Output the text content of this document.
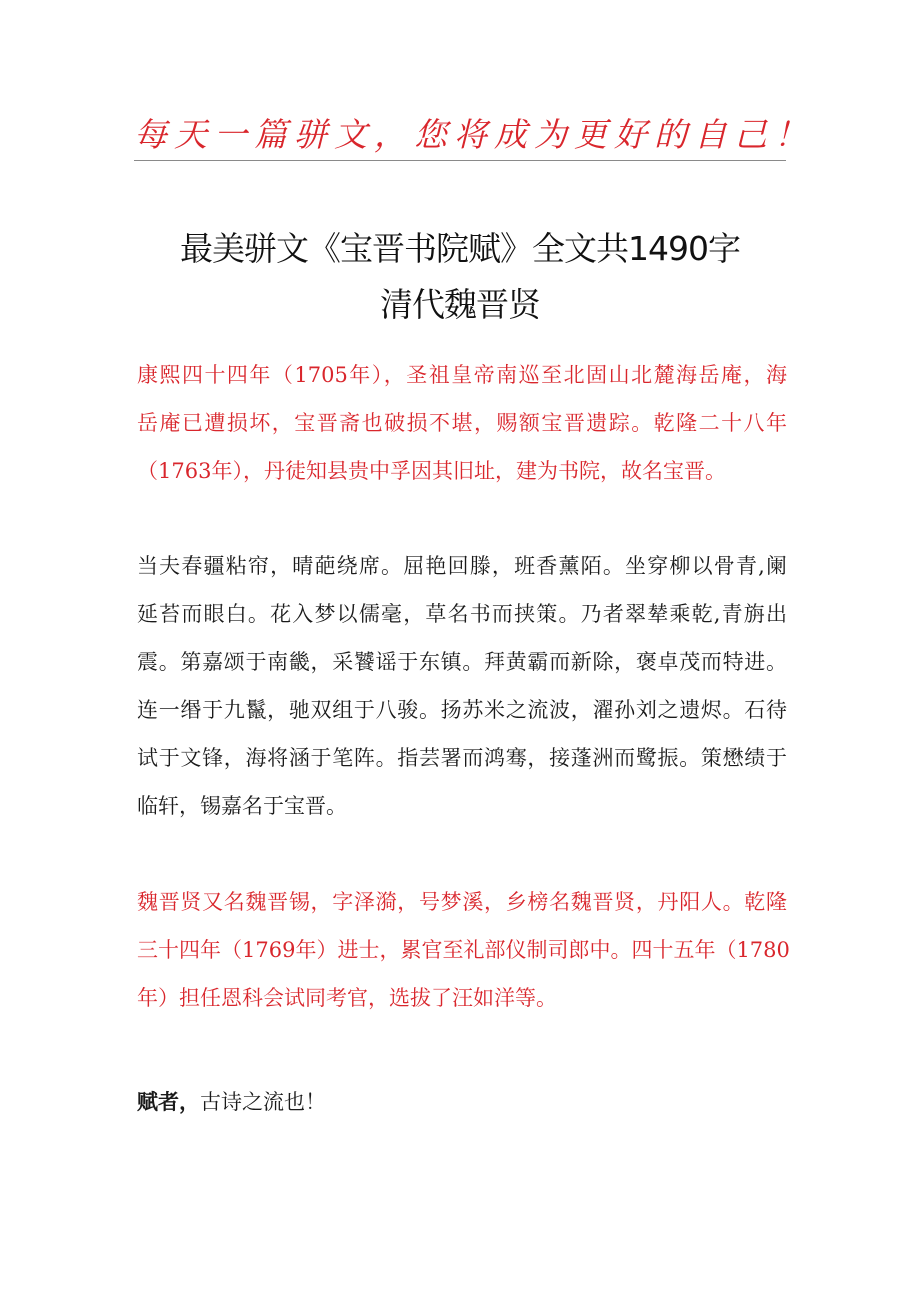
每天一篇骈文，您将成为更好的自己！
最美骈文《宝晋书院赋》全文共1490字
清代魏晋贤
康熙四十四年（1705年），圣祖皇帝南巡至北固山北麓海岳庵，海
岳庵已遭损坏，宝晋斋也破损不堪，赐额宝晋遗踪。乾隆二十八年
（1763年），丹徒知县贵中孚因其旧址，建为书院，故名宝晋。
当夫春疆粘帘，晴葩绕席。屈艳回滕，班香薰陌。坐穿柳以骨青,阑
延苔而眼白。花入梦以儒毫，草名书而挟策。乃者翠辇乘乾,青旃出
震。第嘉颂于南畿，采饕谣于东镇。拜黄霸而新除，褒卓茂而特进。
连一缗于九鬣，驰双组于八骏。扬苏米之流波，濯孙刘之遗烬。石待
试于文锋，海将涵于笔阵。指芸署而鸿骞，接蓬洲而鹭振。策懋绩于
临轩，锡嘉名于宝晋。
魏晋贤又名魏晋锡，字泽漪，号梦溪，乡榜名魏晋贤，丹阳人。乾隆
三十四年（1769年）进士，累官至礼部仪制司郎中。四十五年（1780
年）担任恩科会试同考官，选拔了汪如洋等。
赋者，古诗之流也！
